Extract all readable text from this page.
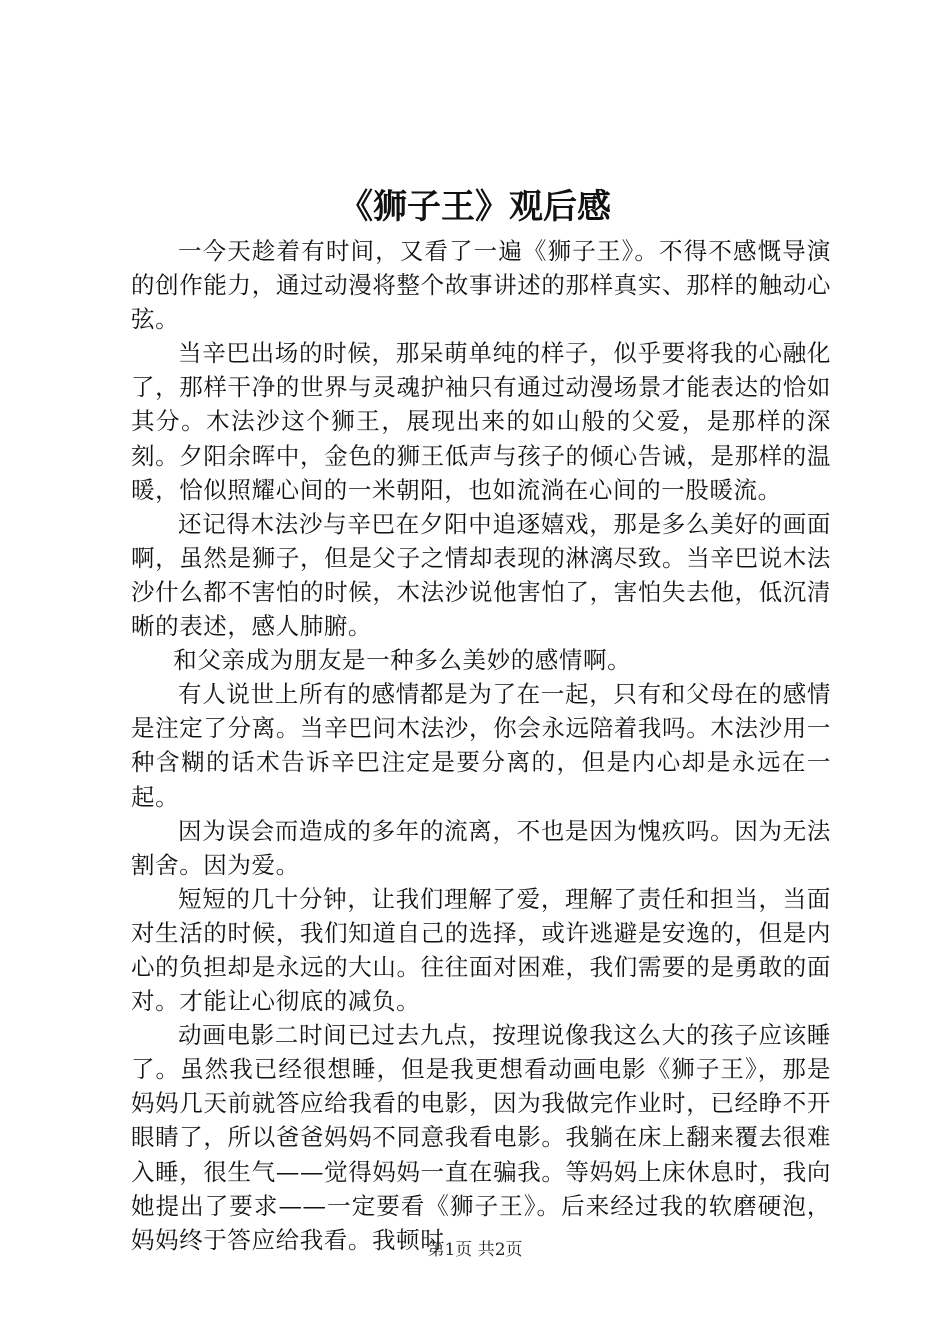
《狮子王》观后感

一今天趁着有时间，又看了一遍《狮子王》。不得不感慨导演的创作能力，通过动漫将整个故事讲述的那样真实、那样的触动心弦。

当辛巴出场的时候，那呆萌单纯的样子，似乎要将我的心融化了，那样干净的世界与灵魂护袖只有通过动漫场景才能表达的恰如其分。木法沙这个狮王，展现出来的如山般的父爱，是那样的深刻。夕阳余晖中，金色的狮王低声与孩子的倾心告诫，是那样的温暖，恰似照耀心间的一米朝阳，也如流淌在心间的一股暖流。

还记得木法沙与辛巴在夕阳中追逐嬉戏，那是多么美好的画面啊，虽然是狮子，但是父子之情却表现的淋漓尽致。当辛巴说木法沙什么都不害怕的时候，木法沙说他害怕了，害怕失去他，低沉清晰的表述，感人肺腑。

和父亲成为朋友是一种多么美妙的感情啊。

有人说世上所有的感情都是为了在一起，只有和父母在的感情是注定了分离。当辛巴问木法沙，你会永远陪着我吗。木法沙用一种含糊的话术告诉辛巴注定是要分离的，但是内心却是永远在一起。

因为误会而造成的多年的流离，不也是因为愧疚吗。因为无法割舍。因为爱。

短短的几十分钟，让我们理解了爱，理解了责任和担当，当面对生活的时候，我们知道自己的选择，或许逃避是安逸的，但是内心的负担却是永远的大山。往往面对困难，我们需要的是勇敢的面对。才能让心彻底的减负。

动画电影二时间已过去九点，按理说像我这么大的孩子应该睡了。虽然我已经很想睡，但是我更想看动画电影《狮子王》，那是妈妈几天前就答应给我看的电影，因为我做完作业时，已经睁不开眼睛了，所以爸爸妈妈不同意我看电影。我躺在床上翻来覆去很难入睡，很生气——觉得妈妈一直在骗我。等妈妈上床休息时，我向她提出了要求——一定要看《狮子王》。后来经过我的软磨硬泡，妈妈终于答应给我看。我顿时

第1页 共2页
